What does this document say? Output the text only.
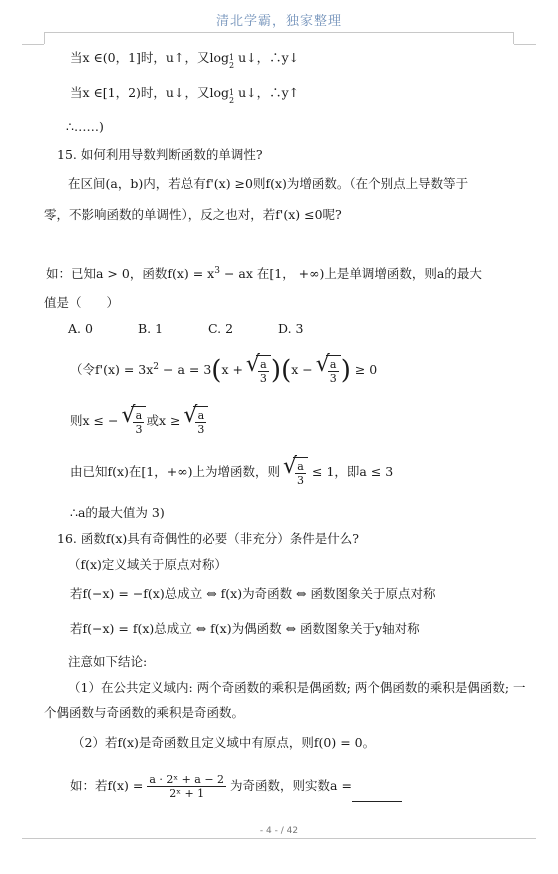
清北学霸，独家整理
当x ∈(0，1]时，u↑，又log 1
2
u↓，∴y↓
当x ∈[1，2)时，u↓，又log 1
2
u↓，∴y↑
∴……)
15. 如何利用导数判断函数的单调性?
在区间(a，b)内，若总有f'(x) ≥0则f(x)为增函数。（在个别点上导数等于
零，不影响函数的单调性），反之也对，若f'(x) ≤0呢?
如：已知a > 0，函数$f(x) = x^3$ − ax 在[1， +∞)上是单调增函数，则a的最大
值是（　　）
A. 0	B. 1	C. 2	D. 3
（令$f'(x) = 3x^2 - a = 3(x$ + √ $\frac{a}{3} )(x$ − √ $\frac{a}{3}$ ) ≥ 0
则x ≤ − √ $\frac{a}{3}$ 或x ≥ √ $\frac{a}{3}$
由已知f(x)在[1，+∞)上为增函数，则 √ $\frac{a}{3} \le 1$，即a ≤ 3
∴a的最大值为 3)
16. 函数f(x)具有奇偶性的必要（非充分）条件是什么?
（f(x)定义域关于原点对称）
若f(−x) = −f(x)总成立 ⇔ f(x)为奇函数 ⇔ 函数图象关于原点对称
若f(−x) = f(x)总成立 ⇔ f(x)为偶函数 ⇔ 函数图象关于y轴对称
注意如下结论:
（1）在公共定义域内: 两个奇函数的乘积是偶函数; 两个偶函数的乘积是偶函数; 一
个偶函数与奇函数的乘积是奇函数。
（2）若f(x)是奇函数且定义域中有原点，则f(0) = 0。
如：若$f(x) = \frac{\text{a · 2ˣ + a − 2}}{\text{2ˣ + 1}}$ 为奇函数，则实数a =
- 4 - / 42
